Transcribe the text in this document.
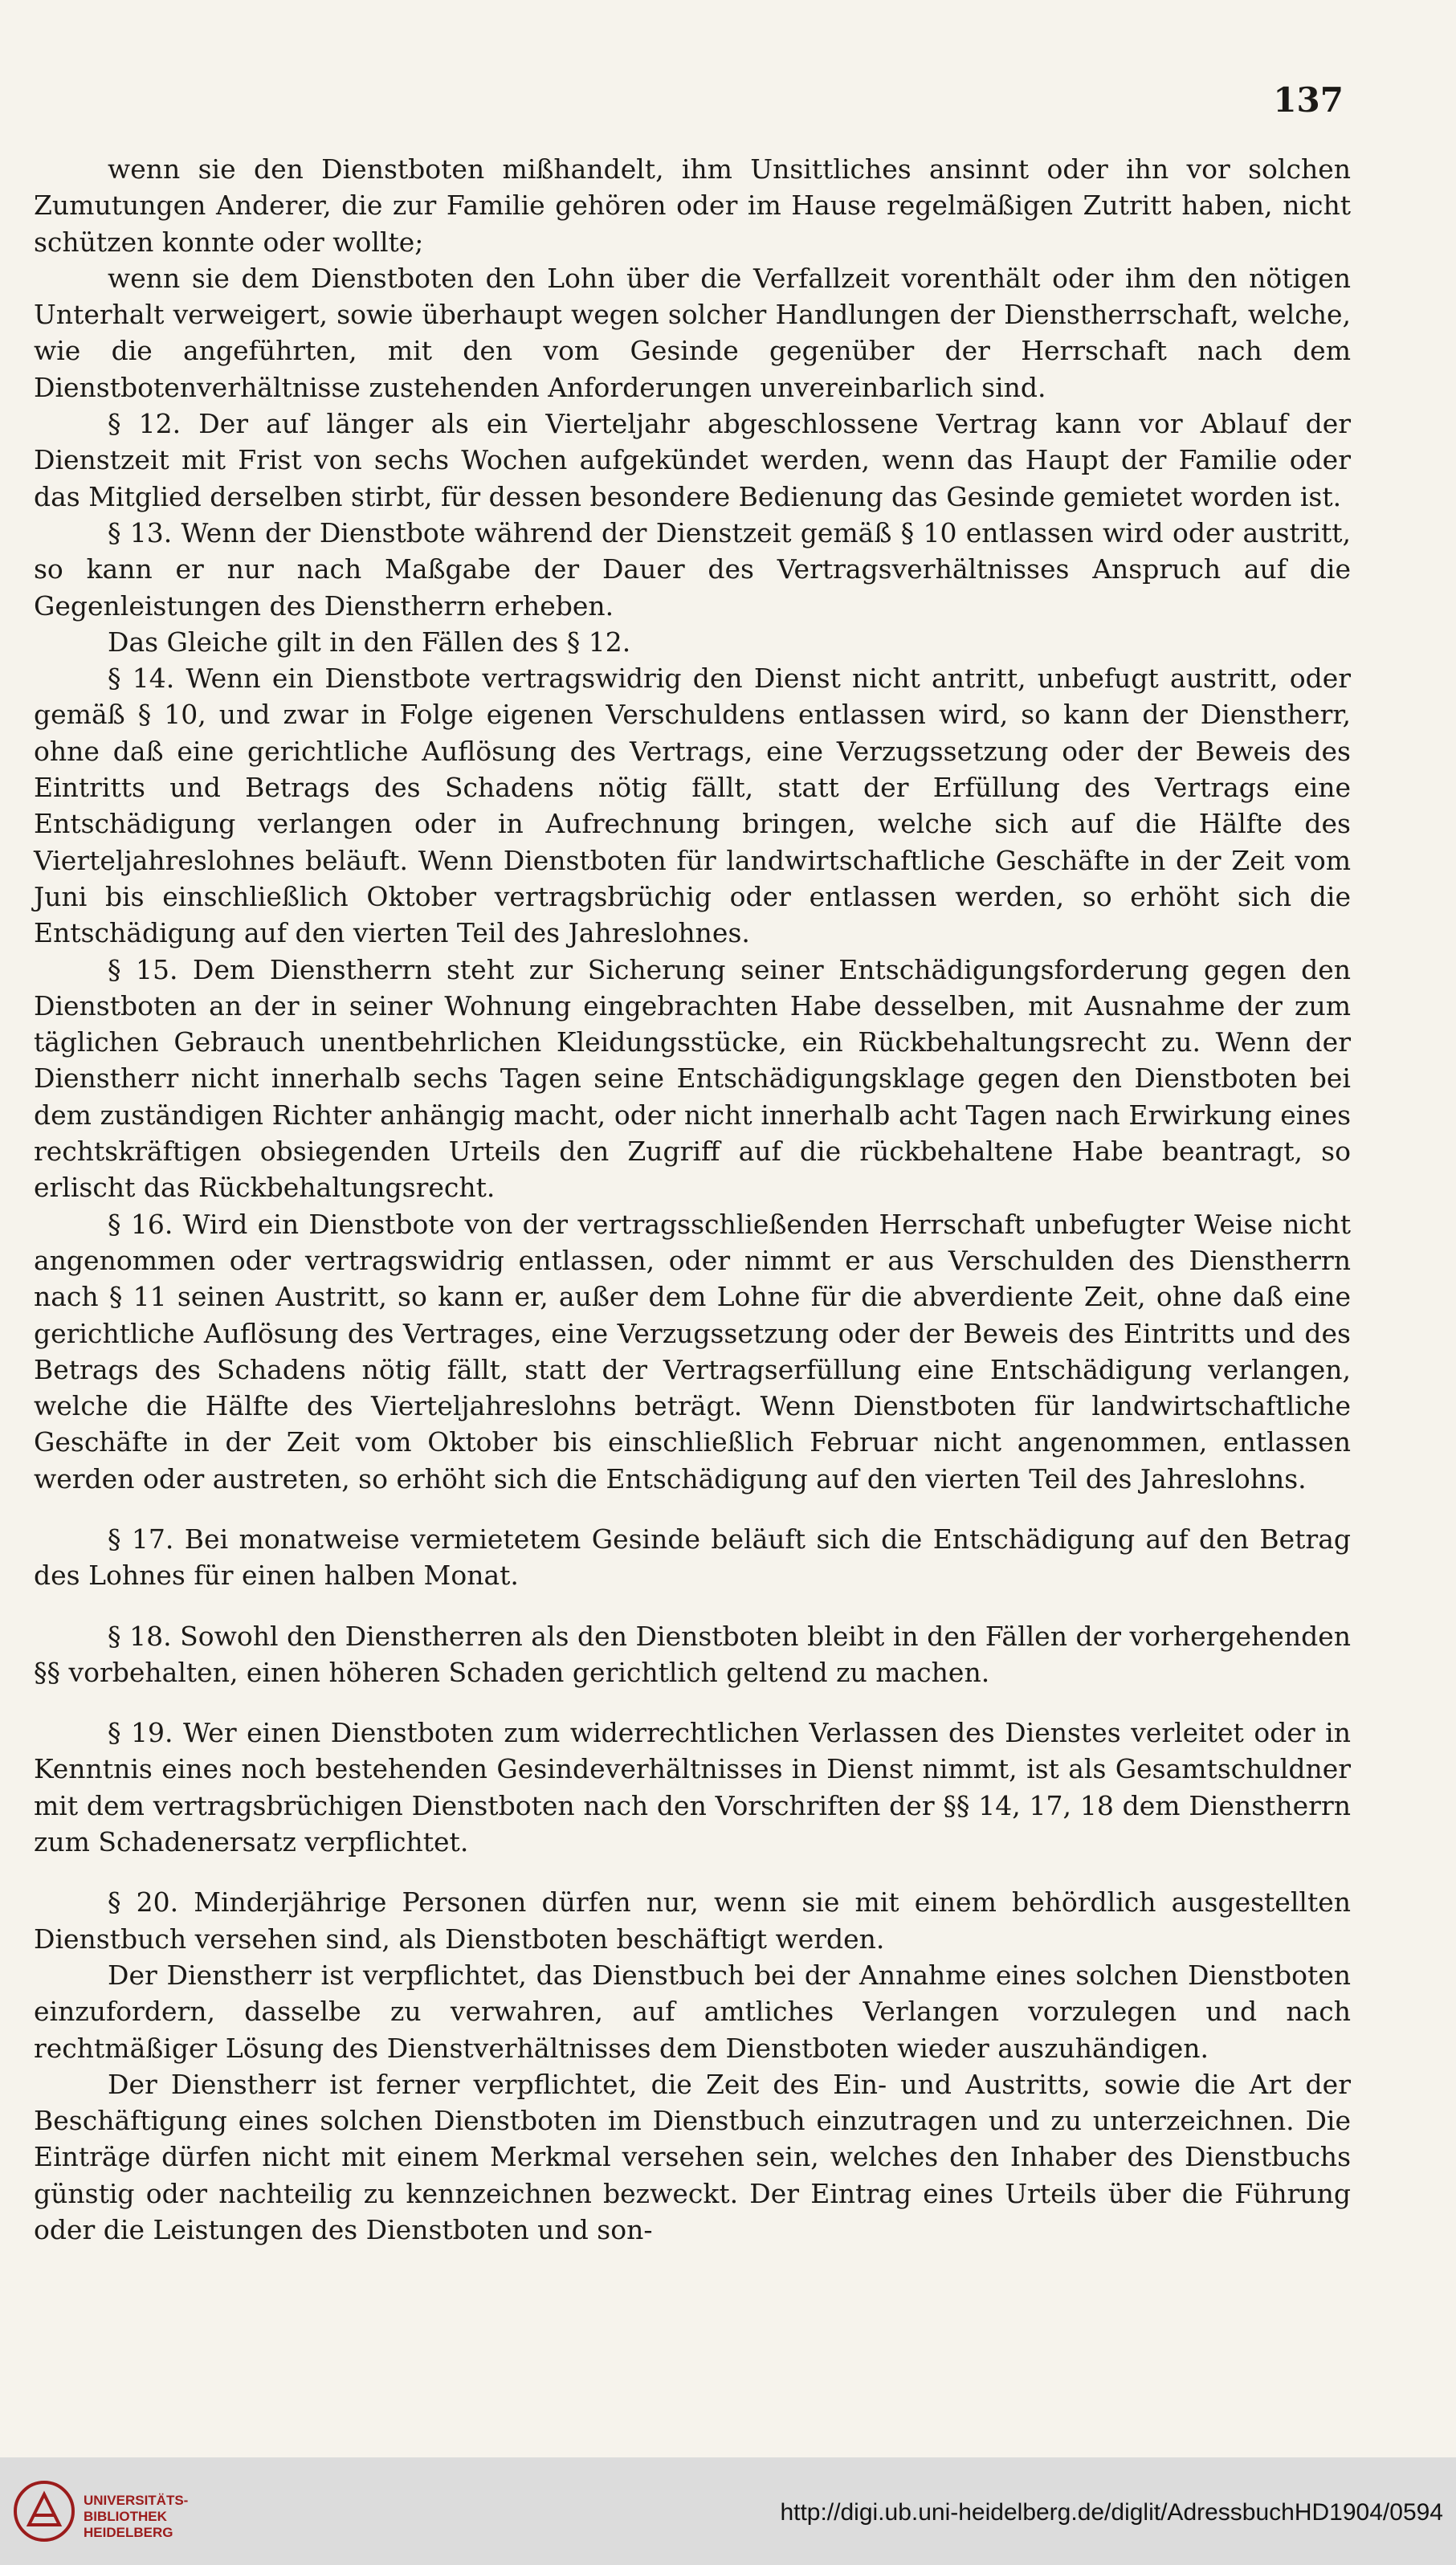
137

wenn sie den Dienstboten mißhandelt, ihm Unsittliches ansinnt oder ihn vor solchen Zumutungen Anderer, die zur Familie gehören oder im Hause regelmäßigen Zutritt haben, nicht schützen konnte oder wollte;

wenn sie dem Dienstboten den Lohn über die Verfallzeit vorenthält oder ihm den nötigen Unterhalt verweigert, sowie überhaupt wegen solcher Handlungen der Dienstherrschaft, welche, wie die angeführten, mit den vom Gesinde gegenüber der Herrschaft nach dem Dienstbotenverhältnisse zustehenden Anforderungen unvereinbarlich sind.

§ 12. Der auf länger als ein Vierteljahr abgeschlossene Vertrag kann vor Ablauf der Dienstzeit mit Frist von sechs Wochen aufgekündet werden, wenn das Haupt der Familie oder das Mitglied derselben stirbt, für dessen besondere Bedienung das Gesinde gemietet worden ist.

§ 13. Wenn der Dienstbote während der Dienstzeit gemäß § 10 entlassen wird oder austritt, so kann er nur nach Maßgabe der Dauer des Vertragsverhältnisses Anspruch auf die Gegenleistungen des Dienstherrn erheben.

Das Gleiche gilt in den Fällen des § 12.

§ 14. Wenn ein Dienstbote vertragswidrig den Dienst nicht antritt, unbefugt austritt, oder gemäß § 10, und zwar in Folge eigenen Verschuldens entlassen wird, so kann der Dienstherr, ohne daß eine gerichtliche Auflösung des Vertrags, eine Verzugssetzung oder der Beweis des Eintritts und Betrags des Schadens nötig fällt, statt der Erfüllung des Vertrags eine Entschädigung verlangen oder in Aufrechnung bringen, welche sich auf die Hälfte des Vierteljahreslohnes beläuft. Wenn Dienstboten für landwirtschaftliche Geschäfte in der Zeit vom Juni bis einschließlich Oktober vertragsbrüchig oder entlassen werden, so erhöht sich die Entschädigung auf den vierten Teil des Jahreslohnes.

§ 15. Dem Dienstherrn steht zur Sicherung seiner Entschädigungsforderung gegen den Dienstboten an der in seiner Wohnung eingebrachten Habe desselben, mit Ausnahme der zum täglichen Gebrauch unentbehrlichen Kleidungsstücke, ein Rückbehaltungsrecht zu. Wenn der Dienstherr nicht innerhalb sechs Tagen seine Entschädigungsklage gegen den Dienstboten bei dem zuständigen Richter anhängig macht, oder nicht innerhalb acht Tagen nach Erwirkung eines rechtskräftigen obsiegenden Urteils den Zugriff auf die rückbehaltene Habe beantragt, so erlischt das Rückbehaltungsrecht.

§ 16. Wird ein Dienstbote von der vertragsschließenden Herrschaft unbefugter Weise nicht angenommen oder vertragswidrig entlassen, oder nimmt er aus Verschulden des Dienstherrn nach § 11 seinen Austritt, so kann er, außer dem Lohne für die abverdiente Zeit, ohne daß eine gerichtliche Auflösung des Vertrages, eine Verzugssetzung oder der Beweis des Eintritts und des Betrags des Schadens nötig fällt, statt der Vertragserfüllung eine Entschädigung verlangen, welche die Hälfte des Vierteljahreslohns beträgt. Wenn Dienstboten für landwirtschaftliche Geschäfte in der Zeit vom Oktober bis einschließlich Februar nicht angenommen, entlassen werden oder austreten, so erhöht sich die Entschädigung auf den vierten Teil des Jahreslohns.

§ 17. Bei monatweise vermietetem Gesinde beläuft sich die Entschädigung auf den Betrag des Lohnes für einen halben Monat.

§ 18. Sowohl den Dienstherren als den Dienstboten bleibt in den Fällen der vorhergehenden §§ vorbehalten, einen höheren Schaden gerichtlich geltend zu machen.

§ 19. Wer einen Dienstboten zum widerrechtlichen Verlassen des Dienstes verleitet oder in Kenntnis eines noch bestehenden Gesindeverhältnisses in Dienst nimmt, ist als Gesamtschuldner mit dem vertragsbrüchigen Dienstboten nach den Vorschriften der §§ 14, 17, 18 dem Dienstherrn zum Schadenersatz verpflichtet.

§ 20. Minderjährige Personen dürfen nur, wenn sie mit einem behördlich ausgestellten Dienstbuch versehen sind, als Dienstboten beschäftigt werden.

Der Dienstherr ist verpflichtet, das Dienstbuch bei der Annahme eines solchen Dienstboten einzufordern, dasselbe zu verwahren, auf amtliches Verlangen vorzulegen und nach rechtmäßiger Lösung des Dienstverhältnisses dem Dienstboten wieder auszuhändigen.

Der Dienstherr ist ferner verpflichtet, die Zeit des Ein- und Austritts, sowie die Art der Beschäftigung eines solchen Dienstboten im Dienstbuch einzutragen und zu unterzeichnen. Die Einträge dürfen nicht mit einem Merkmal versehen sein, welches den Inhaber des Dienstbuchs günstig oder nachteilig zu kennzeichnen bezweckt. Der Eintrag eines Urteils über die Führung oder die Leistungen des Dienstboten und son-

UNIVERSITÄTS-
BIBLIOTHEK
HEIDELBERG
http://digi.ub.uni-heidelberg.de/diglit/AdressbuchHD1904/0594
